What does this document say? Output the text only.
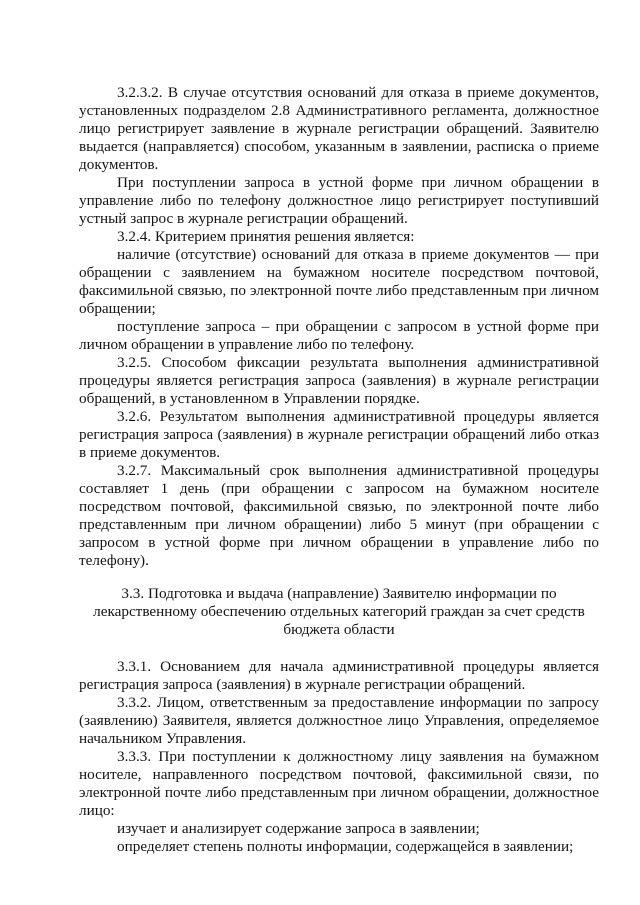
3.2.3.2. В случае отсутствия оснований для отказа в приеме документов, установленных подразделом 2.8 Административного регламента, должностное лицо регистрирует заявление в журнале регистрации обращений. Заявителю выдается (направляется) способом, указанным в заявлении, расписка о приеме документов.

При поступлении запроса в устной форме при личном обращении в управление либо по телефону должностное лицо регистрирует поступивший устный запрос в журнале регистрации обращений.

3.2.4. Критерием принятия решения является:

наличие (отсутствие) оснований для отказа в приеме документов — при обращении с заявлением на бумажном носителе посредством почтовой, факсимильной связью, по электронной почте либо представленным при личном обращении;

поступление запроса – при обращении с запросом в устной форме при личном обращении в управление либо по телефону.

3.2.5. Способом фиксации результата выполнения административной процедуры является регистрация запроса (заявления) в журнале регистрации обращений, в установленном в Управлении порядке.

3.2.6. Результатом выполнения административной процедуры является регистрация запроса (заявления) в журнале регистрации обращений либо отказ в приеме документов.

3.2.7. Максимальный срок выполнения административной процедуры составляет 1 день (при обращении с запросом на бумажном носителе посредством почтовой, факсимильной связью, по электронной почте либо представленным при личном обращении) либо 5 минут (при обращении с запросом в устной форме при личном обращении в управление либо по телефону).

3.3. Подготовка и выдача (направление) Заявителю информации по
лекарственному обеспечению отдельных категорий граждан за счет средств
бюджета области

3.3.1. Основанием для начала административной процедуры является регистрация запроса (заявления) в журнале регистрации обращений.

3.3.2. Лицом, ответственным за предоставление информации по запросу (заявлению) Заявителя, является должностное лицо Управления, определяемое начальником Управления.

3.3.3. При поступлении к должностному лицу заявления на бумажном носителе, направленного посредством почтовой, факсимильной связи, по электронной почте либо представленным при личном обращении, должностное лицо:

изучает и анализирует содержание запроса в заявлении;

определяет степень полноты информации, содержащейся в заявлении;
